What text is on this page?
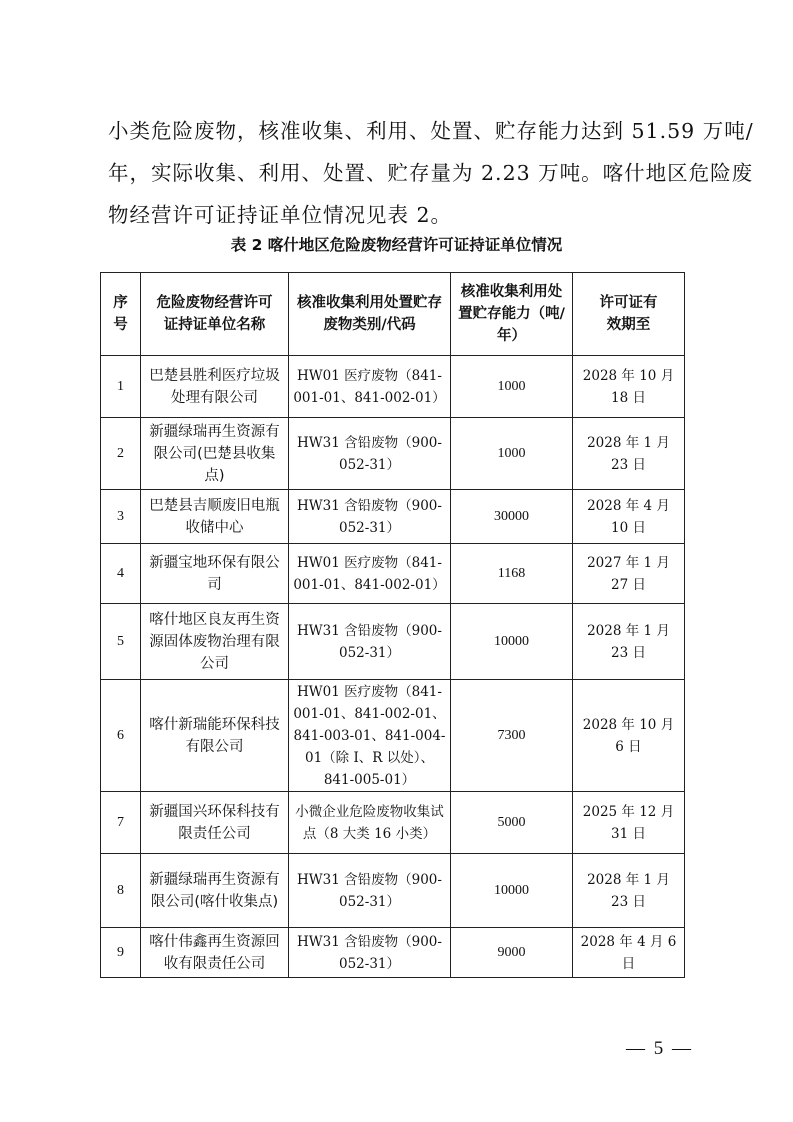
小类危险废物，核准收集、利用、处置、贮存能力达到 51.59 万吨/

年，实际收集、利用、处置、贮存量为 2.23 万吨。喀什地区危险废

物经营许可证持证单位情况见表 2。

表 2 喀什地区危险废物经营许可证持证单位情况
序号	危险废物经营许可证持证单位名称	核准收集利用处置贮存废物类别/代码	核准收集利用处置贮存能力（吨/年）	许可证有效期至
1	巴楚县胜利医疗垃圾处理有限公司	HW01 医疗废物（841-001-01、841-002-01）	1000	2028 年 10 月 18 日
2	新疆绿瑞再生资源有限公司(巴楚县收集点)	HW31 含铅废物（900-052-31）	1000	2028 年 1 月 23 日
3	巴楚县吉顺废旧电瓶收储中心	HW31 含铅废物（900-052-31）	30000	2028 年 4 月 10 日
4	新疆宝地环保有限公司	HW01 医疗废物（841-001-01、841-002-01）	1168	2027 年 1 月 27 日
5	喀什地区良友再生资源固体废物治理有限公司	HW31 含铅废物（900-052-31）	10000	2028 年 1 月 23 日
6	喀什新瑞能环保科技有限公司	HW01 医疗废物（841-001-01、841-002-01、841-003-01、841-004-01（除 I、R 以处）、841-005-01）	7300	2028 年 10 月 6 日
7	新疆国兴环保科技有限责任公司	小微企业危险废物收集试点（8 大类 16 小类）	5000	2025 年 12 月 31 日
8	新疆绿瑞再生资源有限公司(喀什收集点)	HW31 含铅废物（900-052-31）	10000	2028 年 1 月 23 日
9	喀什伟鑫再生资源回收有限责任公司	HW31 含铅废物（900-052-31）	9000	2028 年 4 月 6 日
— 5 —
